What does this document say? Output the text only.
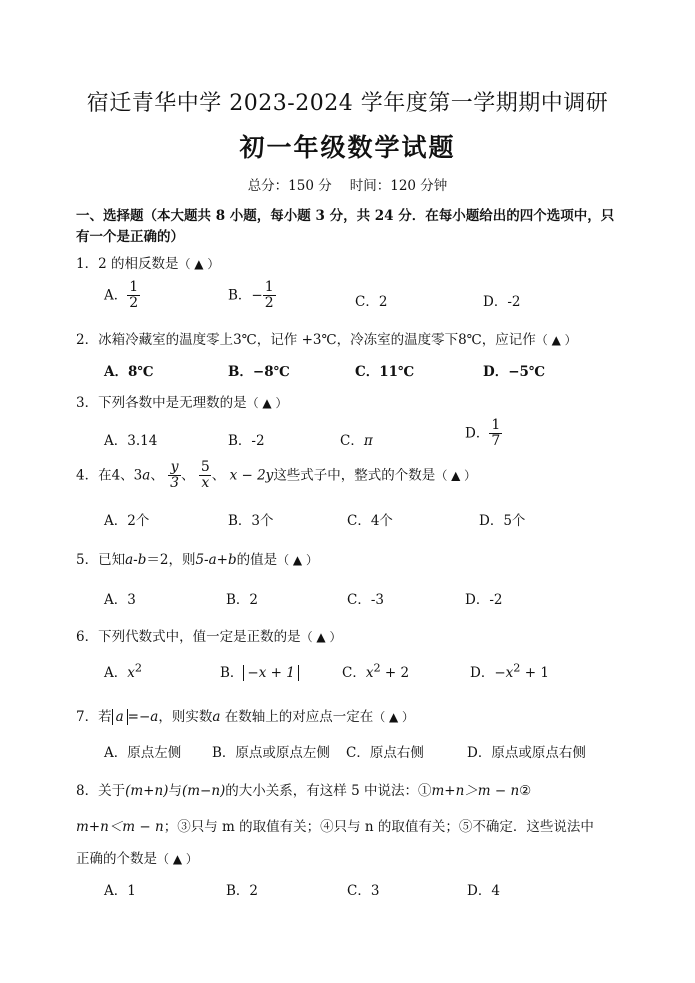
宿迁青华中学 2023-2024 学年度第一学期期中调研
初一年级数学试题
总分：150 分 时间：120 分钟
一、选择题（本大题共 8 小题，每小题 3 分，共 24 分．在每小题给出的四个选项中，只有一个是正确的）
1．2 的相反数是（ ▲ ）
A． $\frac{1}{2}$	B．− $\frac{1}{2}$	C．2	D．-2
2．冰箱冷藏室的温度零上3℃，记作 +3℃，冷冻室的温度零下8℃，应记作（ ▲ ）
A．8℃	B．−8℃	C．11℃	D．−5℃
3．下列各数中是无理数的是（ ▲ ）
A．3.14	B．-2	C．π	D． $\frac{1}{7}$
4．在4、3a、 $\frac{y}{3}$ 、 $\frac{5}{x}$ 、 x − 2y这些式子中，整式的个数是（ ▲ ）
A．2个	B．3个	C．4个	D．5个
5．已知a-b＝2，则5-a+b的值是（ ▲ ）
A．3	B．2	C．-3	D．-2
6．下列代数式中，值一定是正数的是（ ▲ ）
A．$x^2$	B． −x + 1	C．$x^2 + 2$	D．$-x^2 + 1$
7．若 a =−a，则实数a 在数轴上的对应点一定在（ ▲ ）
A．原点左侧 B．原点或原点左侧 C．原点右侧	D．原点或原点右侧
8．关于(m+n)与(m−n)的大小关系，有这样 5 中说法：①m+n＞m − n②
m+n＜m − n；③只与 m 的取值有关；④只与 n 的取值有关；⑤不确定．这些说法中
正确的个数是（ ▲ ）
A．1	B．2	C．3	D．4
